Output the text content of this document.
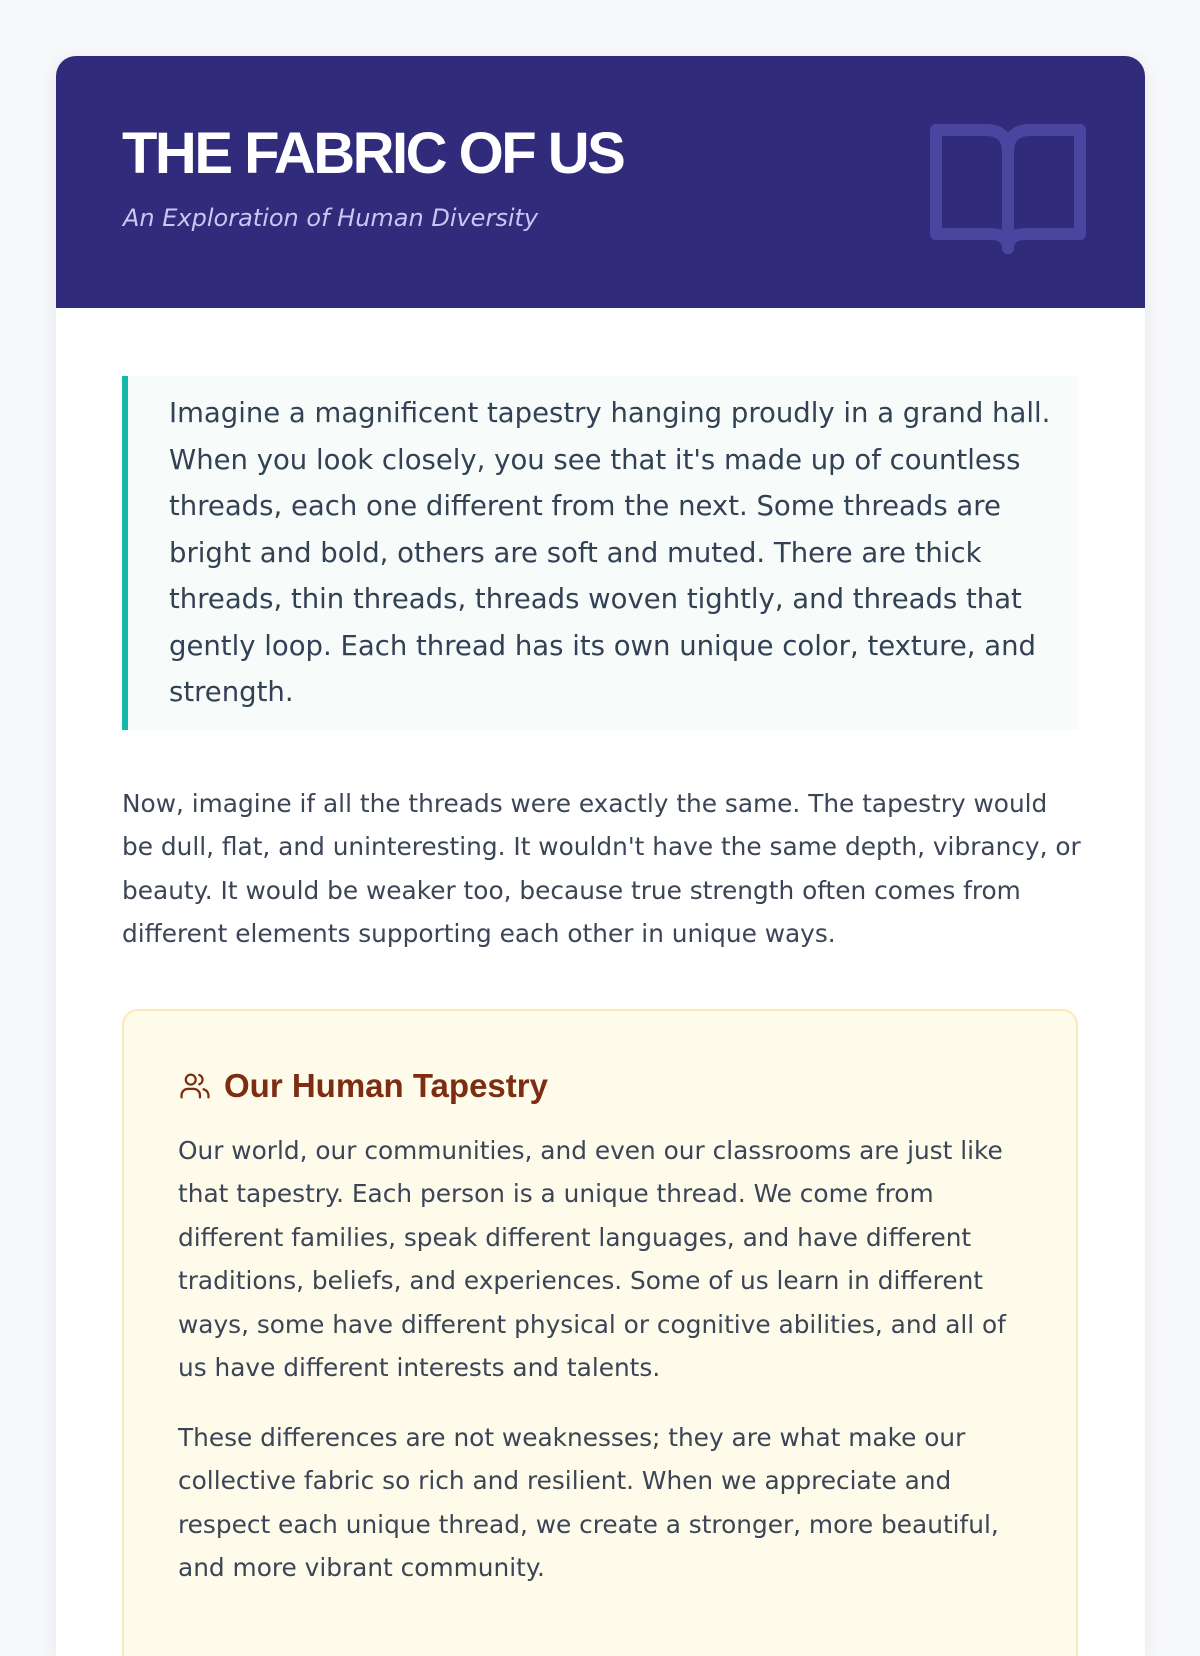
THE FABRIC OF US

An Exploration of Human Diversity

Imagine a magnificent tapestry hanging proudly in a grand hall. When you look closely, you see that it's made up of countless threads, each one different from the next. Some threads are bright and bold, others are soft and muted. There are thick threads, thin threads, threads woven tightly, and threads that gently loop. Each thread has its own unique color, texture, and strength.

Now, imagine if all the threads were exactly the same. The tapestry would be dull, flat, and uninteresting. It wouldn't have the same depth, vibrancy, or beauty. It would be weaker too, because true strength often comes from different elements supporting each other in unique ways.

Our Human Tapestry

Our world, our communities, and even our classrooms are just like that tapestry. Each person is a unique thread. We come from different families, speak different languages, and have different traditions, beliefs, and experiences. Some of us learn in different ways, some have different physical or cognitive abilities, and all of us have different interests and talents.

These differences are not weaknesses; they are what make our collective fabric so rich and resilient. When we appreciate and respect each unique thread, we create a stronger, more beautiful, and more vibrant community.
